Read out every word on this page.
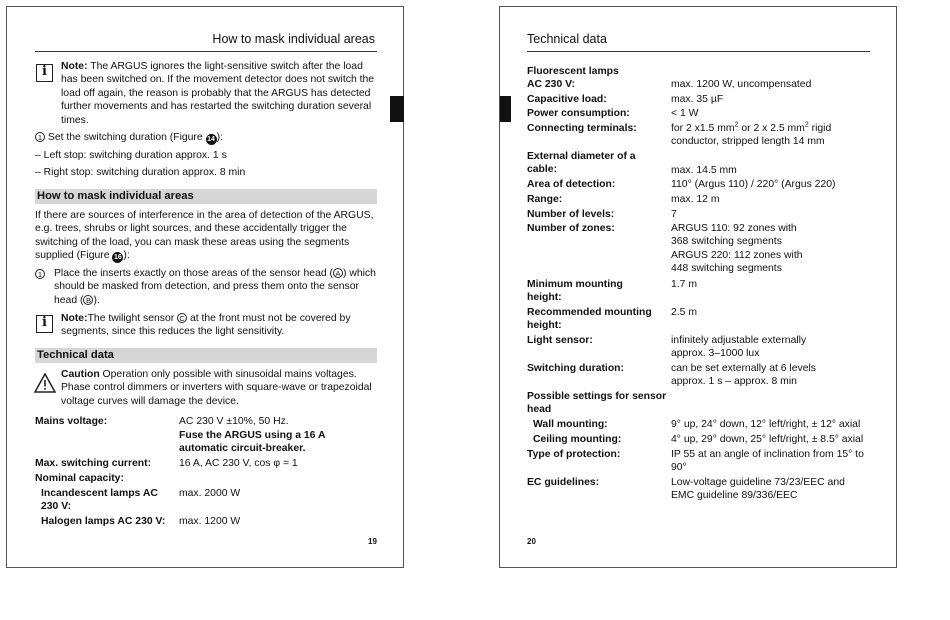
How to mask individual areas
i	Note: The ARGUS ignores the light-sensitive switch after the load has been switched on. If the movement detector does not switch the load off again, the reason is probably that the ARGUS has detected further movements and has restarted the switching duration several times.
1 Set the switching duration (Figure 14 ):
– Left stop: switching duration approx. 1 s
– Right stop: switching duration approx. 8 min
How to mask individual areas
If there are sources of interference in the area of detection of the ARGUS, e.g. trees, shrubs or light sources, and these accidentally trigger the switching of the load, you can mask these areas using the segments supplied (Figure 16 ):
1 Place the inserts exactly on those areas of the sensor head ( A ) which should be masked from detection, and press them onto the sensor head ( B ).
i	Note:The twilight sensor C at the front must not be covered by segments, since this reduces the light sensitivity.
Technical data
Caution Operation only possible with sinusoidal mains voltages. Phase control dimmers or inverters with square-wave or trapezoidal voltage curves will damage the device.
Mains voltage:	AC 230 V ±10%, 50 Hz.
Fuse the ARGUS using a 16 A automatic circuit-breaker.
Max. switching current:	16 A, AC 230 V, cos φ = 1
Nominal capacity:
Incandescent lamps AC 230 V:
max. 2000 W
Halogen lamps AC 230 V: max. 1200 W
19
Technical data
Fluorescent lamps
AC 230 V:	max. 1200 W, uncompensated
Capacitive load:	max. 35 µF
Power consumption:	< 1 W
Connecting terminals:	for 2 x1.5 $mm^2$ or 2 x 2.5 $mm^2$ rigid conductor, stripped length 14 mm
External diameter of a cable:	max. 14.5 mm
Area of detection:	110° (Argus 110) / 220° (Argus 220)
Range:	max. 12 m
Number of levels:	7
Number of zones:	ARGUS 110: 92 zones with 368 switching segments ARGUS 220: 112 zones with 448 switching segments
Minimum mounting height:
1.7 m
Recommended mounting height:
2.5 m
Light sensor:	infinitely adjustable externally approx. 3–1000 lux
Switching duration:	can be set externally at 6 levels approx. 1 s – approx. 8 min
Possible settings for sensor head
Wall mounting:	9° up, 24° down, 12° left/right, ± 12° axial
Ceiling mounting:	4° up, 29° down, 25° left/right, ± 8.5° axial
Type of protection:	IP 55 at an angle of inclination from 15° to 90°
EC guidelines:	Low-voltage guideline 73/23/EEC and EMC guideline 89/336/EEC
20
